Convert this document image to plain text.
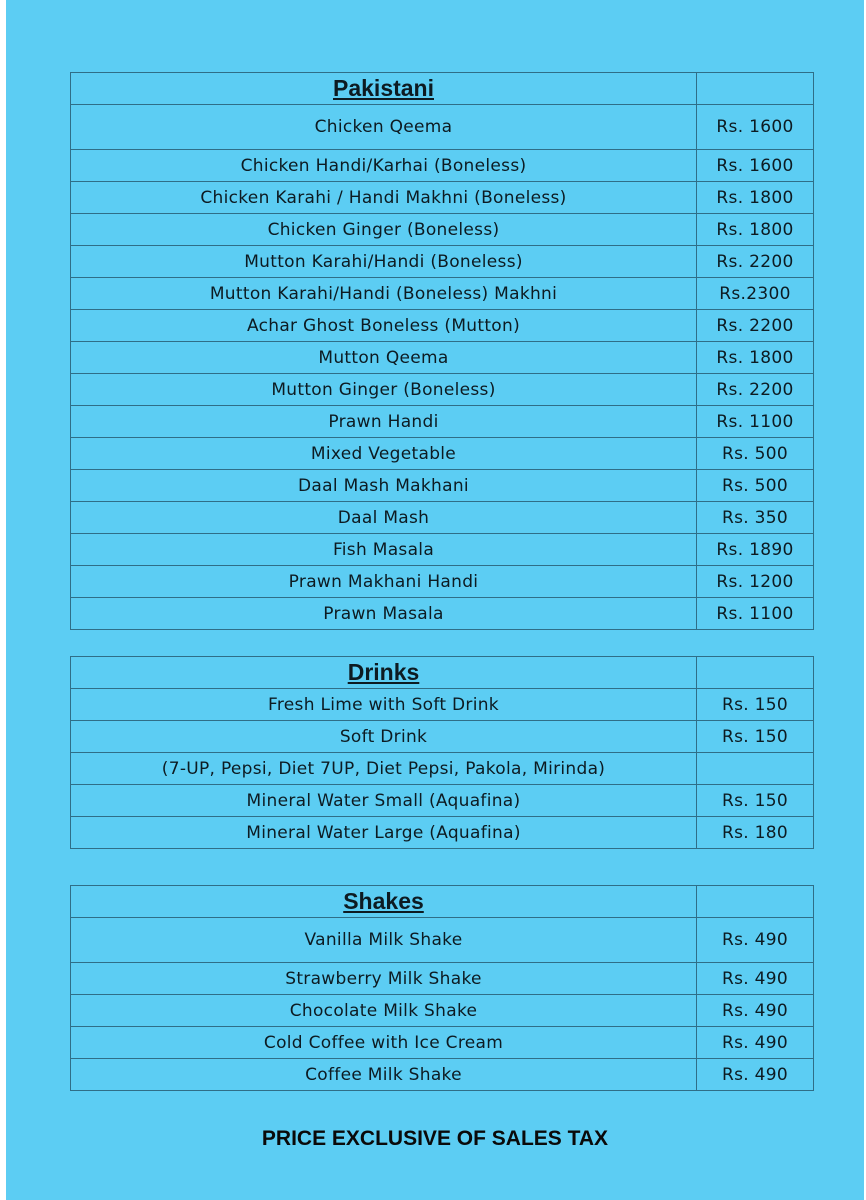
Pakistani	
Chicken Qeema	Rs. 1600
Chicken Handi/Karhai (Boneless)	Rs. 1600
Chicken Karahi / Handi Makhni (Boneless)	Rs. 1800
Chicken Ginger (Boneless)	Rs. 1800
Mutton Karahi/Handi (Boneless)	Rs. 2200
Mutton Karahi/Handi (Boneless) Makhni	Rs.2300
Achar Ghost Boneless (Mutton)	Rs. 2200
Mutton Qeema	Rs. 1800
Mutton Ginger (Boneless)	Rs. 2200
Prawn Handi	Rs. 1100
Mixed Vegetable	Rs. 500
Daal Mash Makhani	Rs. 500
Daal Mash	Rs. 350
Fish Masala	Rs. 1890
Prawn Makhani Handi	Rs. 1200
Prawn Masala	Rs. 1100
Drinks	
Fresh Lime with Soft Drink	Rs. 150
Soft Drink	Rs. 150
(7-UP, Pepsi, Diet 7UP, Diet Pepsi, Pakola, Mirinda)	
Mineral Water Small (Aquafina)	Rs. 150
Mineral Water Large (Aquafina)	Rs. 180
Shakes	
Vanilla Milk Shake	Rs. 490
Strawberry Milk Shake	Rs. 490
Chocolate Milk Shake	Rs. 490
Cold Coffee with Ice Cream	Rs. 490
Coffee Milk Shake	Rs. 490
PRICE EXCLUSIVE OF SALES TAX
